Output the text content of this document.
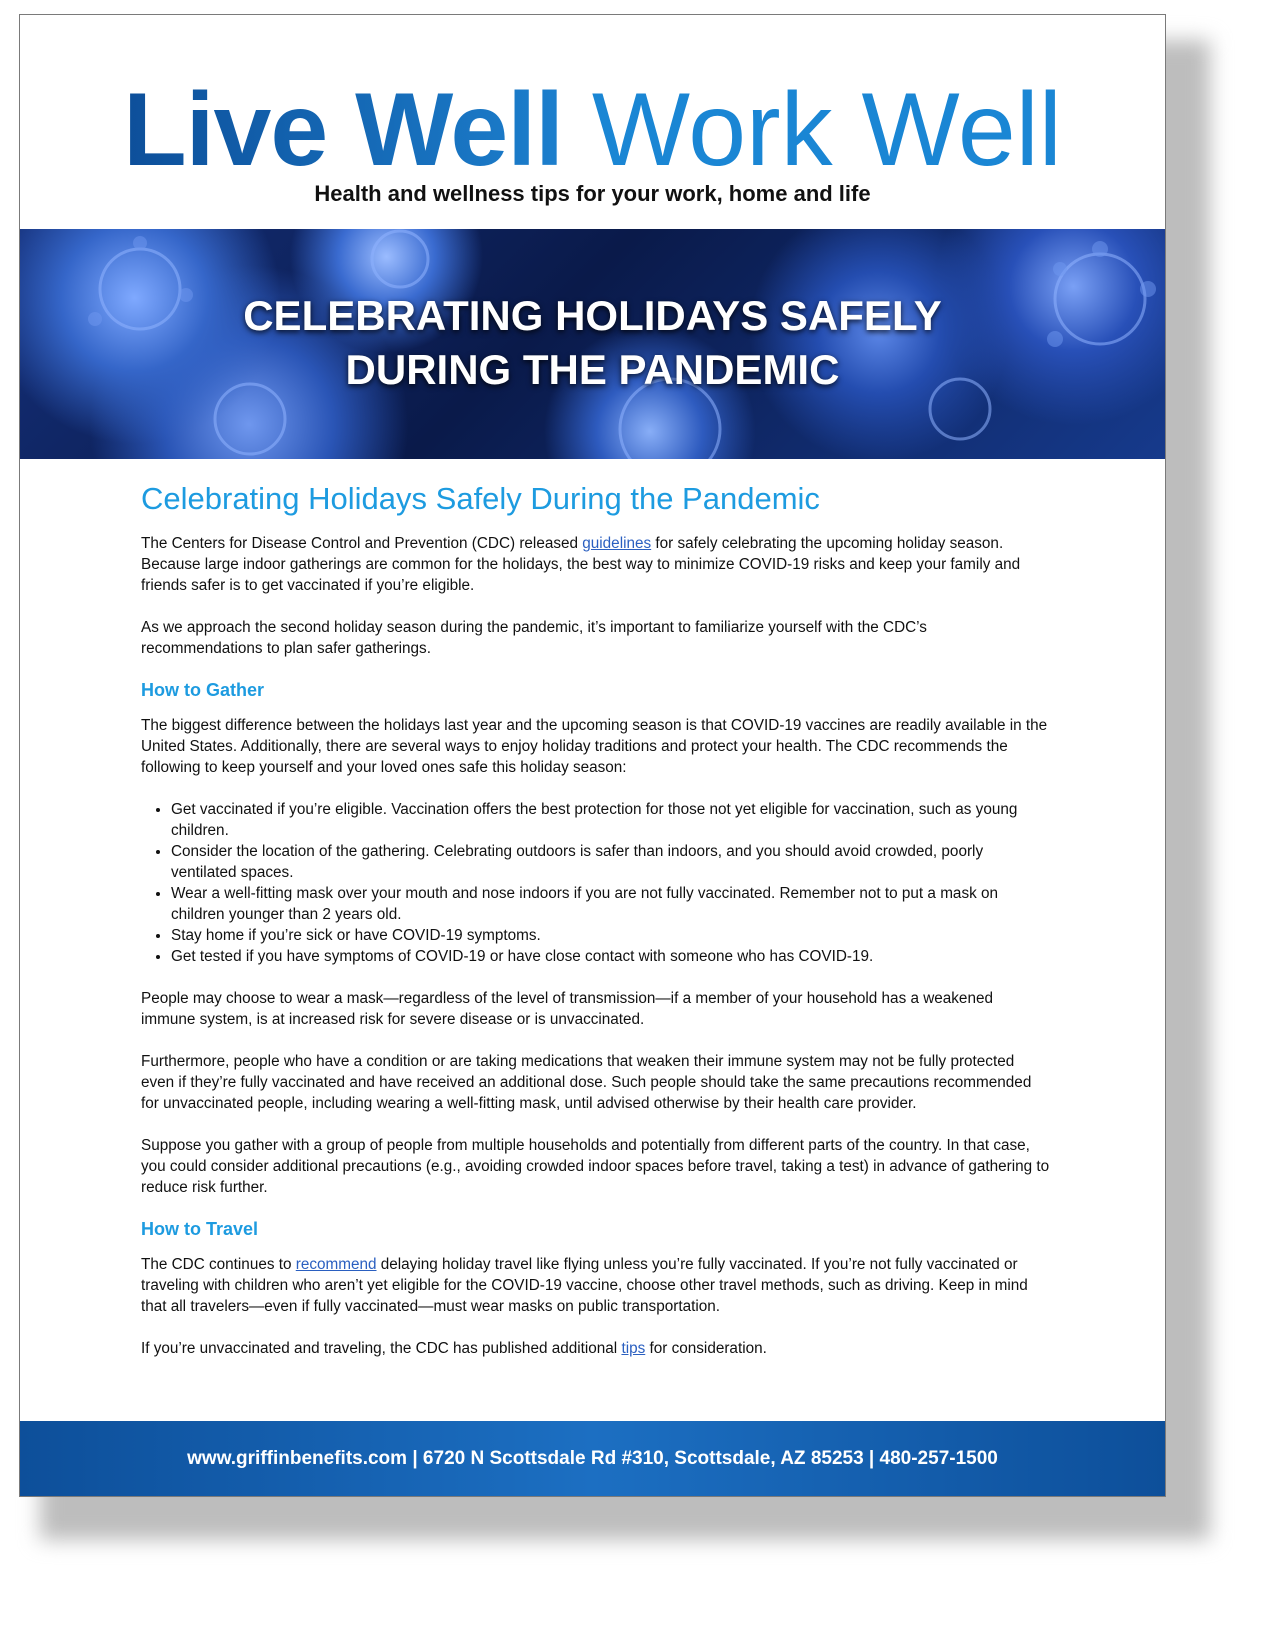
Live Well Work Well
Health and wellness tips for your work, home and life
CELEBRATING HOLIDAYS SAFELY
DURING THE PANDEMIC
Celebrating Holidays Safely During the Pandemic

The Centers for Disease Control and Prevention (CDC) released guidelines for safely celebrating the upcoming holiday season. Because large indoor gatherings are common for the holidays, the best way to minimize COVID-19 risks and keep your family and friends safer is to get vaccinated if you’re eligible.

As we approach the second holiday season during the pandemic, it’s important to familiarize yourself with the CDC’s recommendations to plan safer gatherings.

How to Gather

The biggest difference between the holidays last year and the upcoming season is that COVID-19 vaccines are readily available in the United States. Additionally, there are several ways to enjoy holiday traditions and protect your health. The CDC recommends the following to keep yourself and your loved ones safe this holiday season:

• Get vaccinated if you’re eligible. Vaccination offers the best protection for those not yet eligible for vaccination, such as young children.
• Consider the location of the gathering. Celebrating outdoors is safer than indoors, and you should avoid crowded, poorly ventilated spaces.
• Wear a well-fitting mask over your mouth and nose indoors if you are not fully vaccinated. Remember not to put a mask on children younger than 2 years old.
• Stay home if you’re sick or have COVID-19 symptoms.
• Get tested if you have symptoms of COVID-19 or have close contact with someone who has COVID-19.

People may choose to wear a mask—regardless of the level of transmission—if a member of your household has a weakened immune system, is at increased risk for severe disease or is unvaccinated.

Furthermore, people who have a condition or are taking medications that weaken their immune system may not be fully protected even if they’re fully vaccinated and have received an additional dose. Such people should take the same precautions recommended for unvaccinated people, including wearing a well-fitting mask, until advised otherwise by their health care provider.

Suppose you gather with a group of people from multiple households and potentially from different parts of the country. In that case, you could consider additional precautions (e.g., avoiding crowded indoor spaces before travel, taking a test) in advance of gathering to reduce risk further.

How to Travel

The CDC continues to recommend delaying holiday travel like flying unless you’re fully vaccinated. If you’re not fully vaccinated or traveling with children who aren’t yet eligible for the COVID-19 vaccine, choose other travel methods, such as driving. Keep in mind that all travelers—even if fully vaccinated—must wear masks on public transportation.

If you’re unvaccinated and traveling, the CDC has published additional tips for consideration.

www.griffinbenefits.com | 6720 N Scottsdale Rd #310, Scottsdale, AZ 85253 | 480-257-1500
